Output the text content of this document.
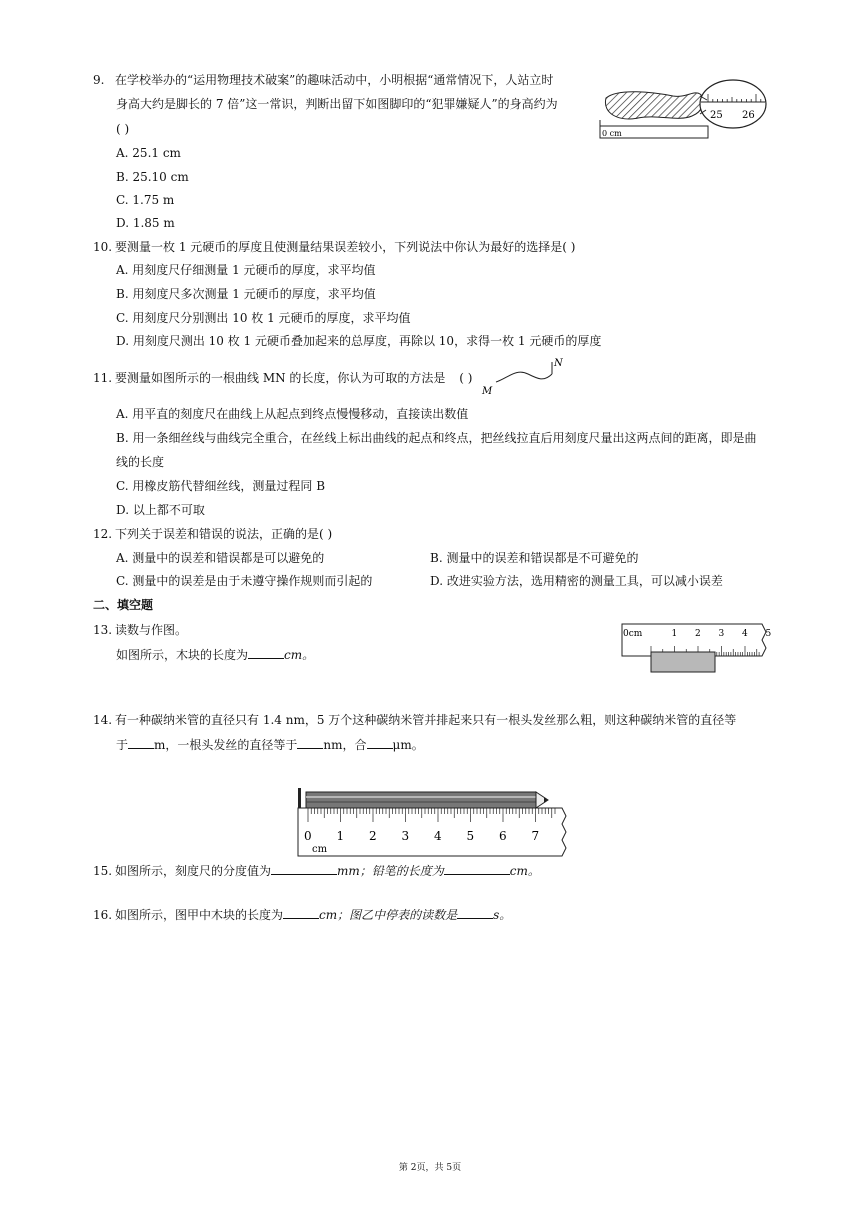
9. 在学校举办的“运用物理技术破案”的趣味活动中，小明根据“通常情况下，人站立时
身高大约是脚长的 7 倍”这一常识，判断出留下如图脚印的“犯罪嫌疑人”的身高约为
( )
A. 25.1 cm
B. 25.10 cm
C. 1.75 m
D. 1.85 m
0 cm
25 26
10. 要测量一枚 1 元硬币的厚度且使测量结果误差较小，下列说法中你认为最好的选择是( )
A. 用刻度尺仔细测量 1 元硬币的厚度，求平均值
B. 用刻度尺多次测量 1 元硬币的厚度，求平均值
C. 用刻度尺分别测出 10 枚 1 元硬币的厚度，求平均值
D. 用刻度尺测出 10 枚 1 元硬币叠加起来的总厚度，再除以 10，求得一枚 1 元硬币的厚度
11. 要测量如图所示的一根曲线 MN 的长度，你认为可取的方法是 ( )
M
N
A. 用平直的刻度尺在曲线上从起点到终点慢慢移动，直接读出数值
B. 用一条细丝线与曲线完全重合，在丝线上标出曲线的起点和终点，把丝线拉直后用刻度尺量出这两点间的距离，即是曲
线的长度
C. 用橡皮筋代替细丝线，测量过程同 B
D. 以上都不可取
12. 下列关于误差和错误的说法，正确的是( )
A. 测量中的误差和错误都是可以避免的	B. 测量中的误差和错误都是不可避免的
C. 测量中的误差是由于未遵守操作规则而引起的	D. 改进实验方法，选用精密的测量工具，可以减小误差
二、填空题
13. 读数与作图。
如图所示，木块的长度为	cm。
0cm	1 2 3 4 5
14. 有一种碳纳米管的直径只有 1.4 nm，5 万个这种碳纳米管并排起来只有一根头发丝那么粗，则这种碳纳米管的直径等
于 m，一根头发丝的直径等于 nm，合 μm。
0 1 2 3 4 5 6 7
cm
15. 如图所示，刻度尺的分度值为	mm；铅笔的长度为	cm。
16. 如图所示，图甲中木块的长度为	cm；图乙中停表的读数是	s。
第 2页，共 5页
